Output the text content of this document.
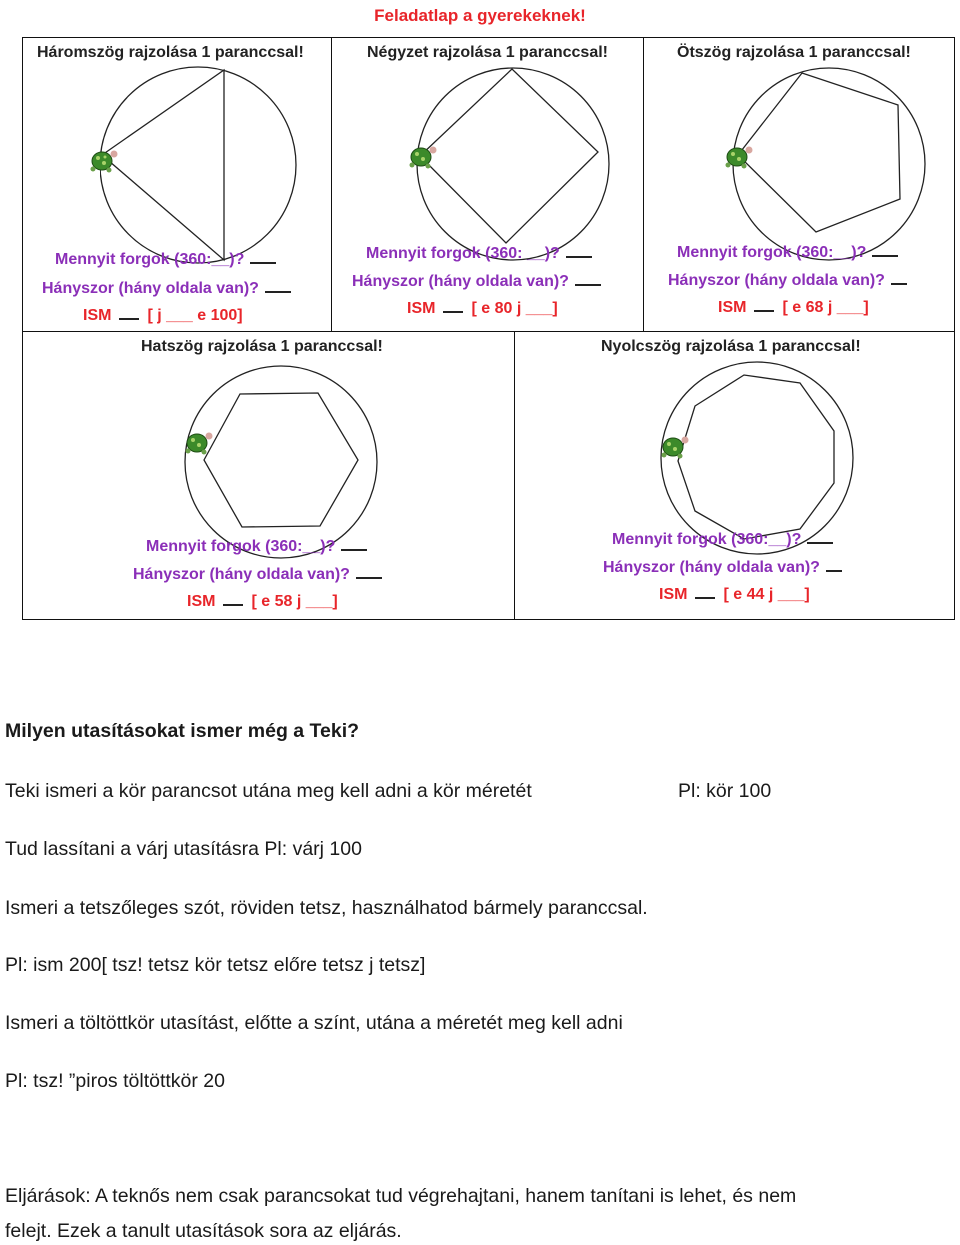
Feladatlap a gyerekeknek!
Háromszög rajzolása 1 paranccsal!
Mennyit forgok (360:__)?
Hányszor (hány oldala van)?
ISM [ j ___ e 100]
Négyzet rajzolása 1 paranccsal!
Mennyit forgok (360: __)?
Hányszor (hány oldala van)?
ISM [ e 80 j ___]
Ötszög rajzolása 1 paranccsal!
Mennyit forgok (360:__)?
Hányszor (hány oldala van)?
ISM [ e 68 j ___]
Hatszög rajzolása 1 paranccsal!
Mennyit forgok (360:__)?
Hányszor (hány oldala van)?
ISM [ e 58 j ___]
Nyolcszög rajzolása 1 paranccsal!
Mennyit forgok (360:__)?
Hányszor (hány oldala van)?
ISM [ e 44 j ___]
Milyen utasításokat ismer még a Teki?
Teki ismeri a kör parancsot utána meg kell adni a kör méretét	Pl: kör 100
Tud lassítani a várj utasításra Pl: várj 100
Ismeri a tetszőleges szót, röviden tetsz, használhatod bármely paranccsal.
Pl: ism 200[ tsz! tetsz kör tetsz előre tetsz j tetsz]
Ismeri a töltöttkör utasítást, előtte a színt, utána a méretét meg kell adni
Pl: tsz! ”piros töltöttkör 20
Eljárások: A teknős nem csak parancsokat tud végrehajtani, hanem tanítani is lehet, és nem
felejt. Ezek a tanult utasítások sora az eljárás.
